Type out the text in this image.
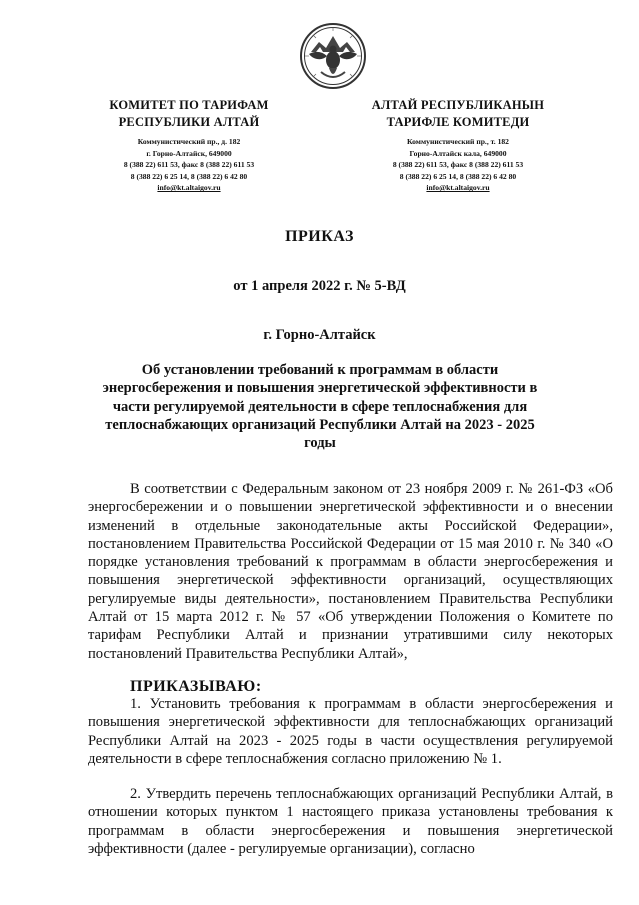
КОМИТЕТ ПО ТАРИФАМ
РЕСПУБЛИКИ АЛТАЙ
Коммунистический пр., д. 182
г. Горно-Алтайск, 649000
8 (388 22) 611 53, факс 8 (388 22) 611 53
8 (388 22) 6 25 14, 8 (388 22) 6 42 80
info@kt.altaigov.ru
АЛТАЙ РЕСПУБЛИКАНЫН
ТАРИФЛЕ КОМИТЕДИ
Коммунистический пр., т. 182
Горно-Алтайск кала, 649000
8 (388 22) 611 53, факс 8 (388 22) 611 53
8 (388 22) 6 25 14, 8 (388 22) 6 42 80
info@kt.altaigov.ru
ПРИКАЗ
от 1 апреля 2022 г. № 5-ВД
г. Горно-Алтайск
Об установлении требований к программам в области энергосбережения и повышения энергетической эффективности в части регулируемой деятельности в сфере теплоснабжения для теплоснабжающих организаций Республики Алтай на 2023 - 2025 годы
В соответствии с Федеральным законом от 23 ноября 2009 г. № 261-ФЗ «Об энергосбережении и о повышении энергетической эффективности и о внесении изменений в отдельные законодательные акты Российской Федерации», постановлением Правительства Российской Федерации от 15 мая 2010 г. № 340 «О порядке установления требований к программам в области энергосбережения и повышения энергетической эффективности организаций, осуществляющих регулируемые виды деятельности», постановлением Правительства Республики Алтай от 15 марта 2012 г. № 57 «Об утверждении Положения о Комитете по тарифам Республики Алтай и признании утратившими силу некоторых постановлений Правительства Республики Алтай»,
ПРИКАЗЫВАЮ:
1. Установить требования к программам в области энергосбережения и повышения энергетической эффективности для теплоснабжающих организаций Республики Алтай на 2023 - 2025 годы в части осуществления регулируемой деятельности в сфере теплоснабжения согласно приложению № 1.
2. Утвердить перечень теплоснабжающих организаций Республики Алтай, в отношении которых пунктом 1 настоящего приказа установлены требования к программам в области энергосбережения и повышения энергетической эффективности (далее - регулируемые организации), согласно
